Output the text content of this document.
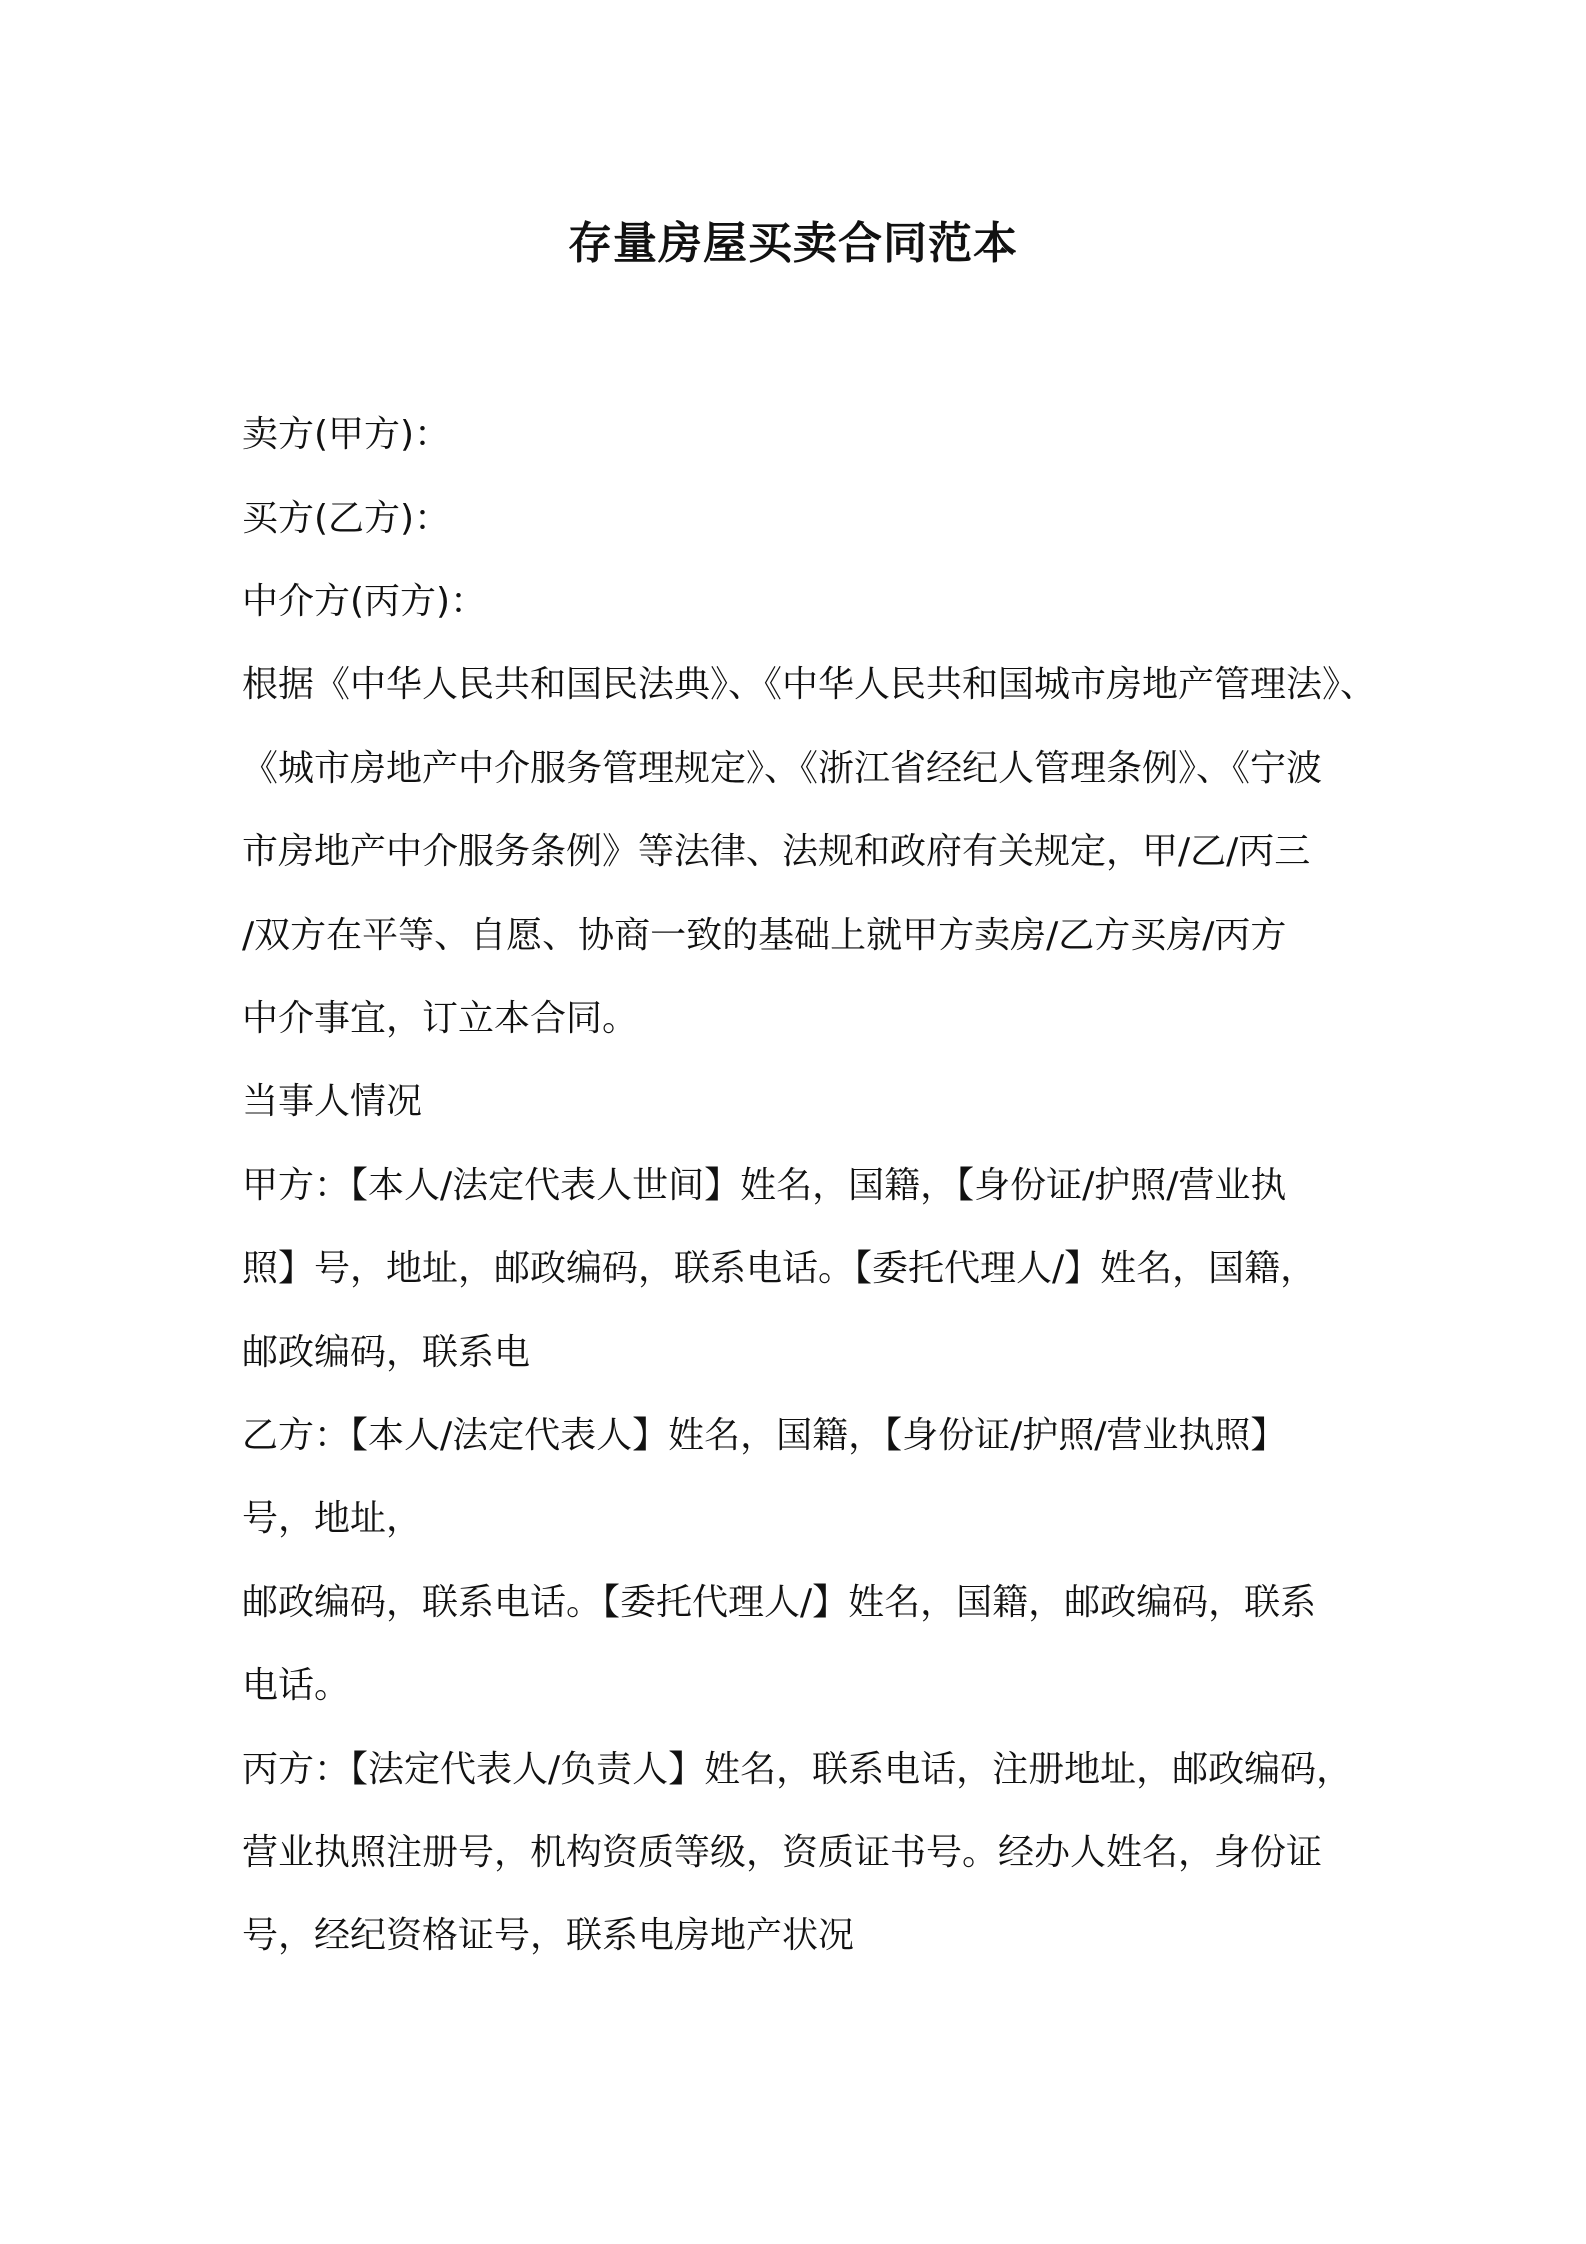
存量房屋买卖合同范本
卖方(甲方)：
买方(乙方)：
中介方(丙方)：
根据《中华人民共和国民法典》、《中华人民共和国城市房地产管理法》、
《城市房地产中介服务管理规定》、《浙江省经纪人管理条例》、《宁波
市房地产中介服务条例》等法律、法规和政府有关规定，甲/乙/丙三
/双方在平等、自愿、协商一致的基础上就甲方卖房/乙方买房/丙方
中介事宜，订立本合同。
当事人情况
甲方：【本人/法定代表人世间】姓名，国籍，【身份证/护照/营业执
照】号，地址，邮政编码，联系电话。【委托代理人/】姓名，国籍，
邮政编码，联系电
乙方：【本人/法定代表人】姓名，国籍，【身份证/护照/营业执照】
号，地址，
邮政编码，联系电话。【委托代理人/】姓名，国籍，邮政编码，联系
电话。
丙方：【法定代表人/负责人】姓名，联系电话，注册地址，邮政编码，
营业执照注册号，机构资质等级，资质证书号。经办人姓名，身份证
号，经纪资格证号，联系电房地产状况
